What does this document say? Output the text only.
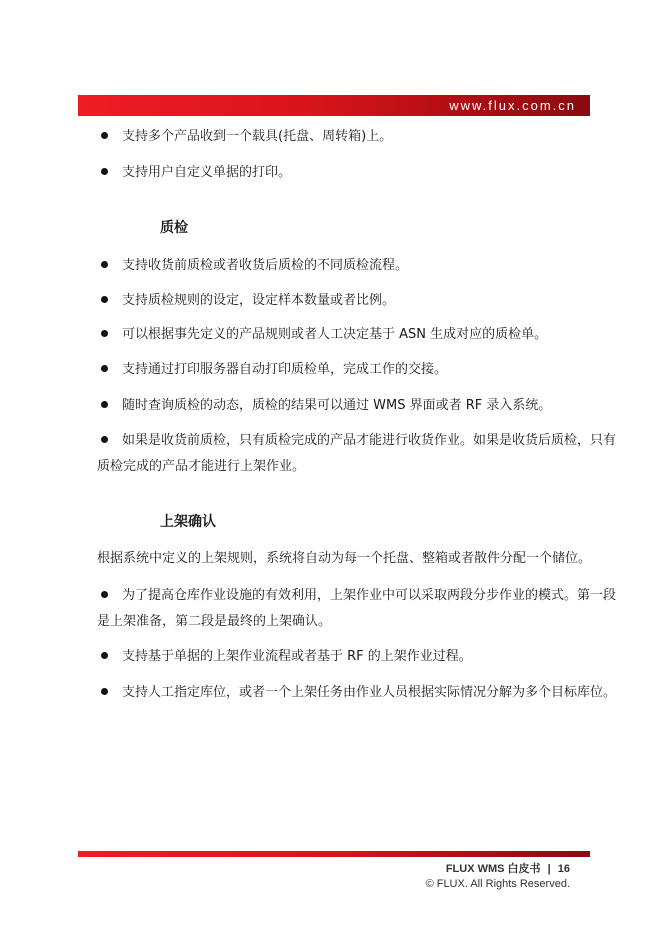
www.flux.com.cn
支持多个产品收到一个载具(托盘、周转箱)上。
支持用户自定义单据的打印。
质检
支持收货前质检或者收货后质检的不同质检流程。
支持质检规则的设定，设定样本数量或者比例。
可以根据事先定义的产品规则或者人工决定基于 ASN 生成对应的质检单。
支持通过打印服务器自动打印质检单，完成工作的交接。
随时查询质检的动态，质检的结果可以通过 WMS 界面或者 RF 录入系统。
如果是收货前质检，只有质检完成的产品才能进行收货作业。如果是收货后质检，只有
质检完成的产品才能进行上架作业。
上架确认
根据系统中定义的上架规则，系统将自动为每一个托盘、整箱或者散件分配一个储位。
为了提高仓库作业设施的有效利用，上架作业中可以采取两段分步作业的模式。第一段
是上架准备，第二段是最终的上架确认。
支持基于单据的上架作业流程或者基于 RF 的上架作业过程。
支持人工指定库位，或者一个上架任务由作业人员根据实际情况分解为多个目标库位。
FLUX WMS 白皮书 | 16
© FLUX. All Rights Reserved.
